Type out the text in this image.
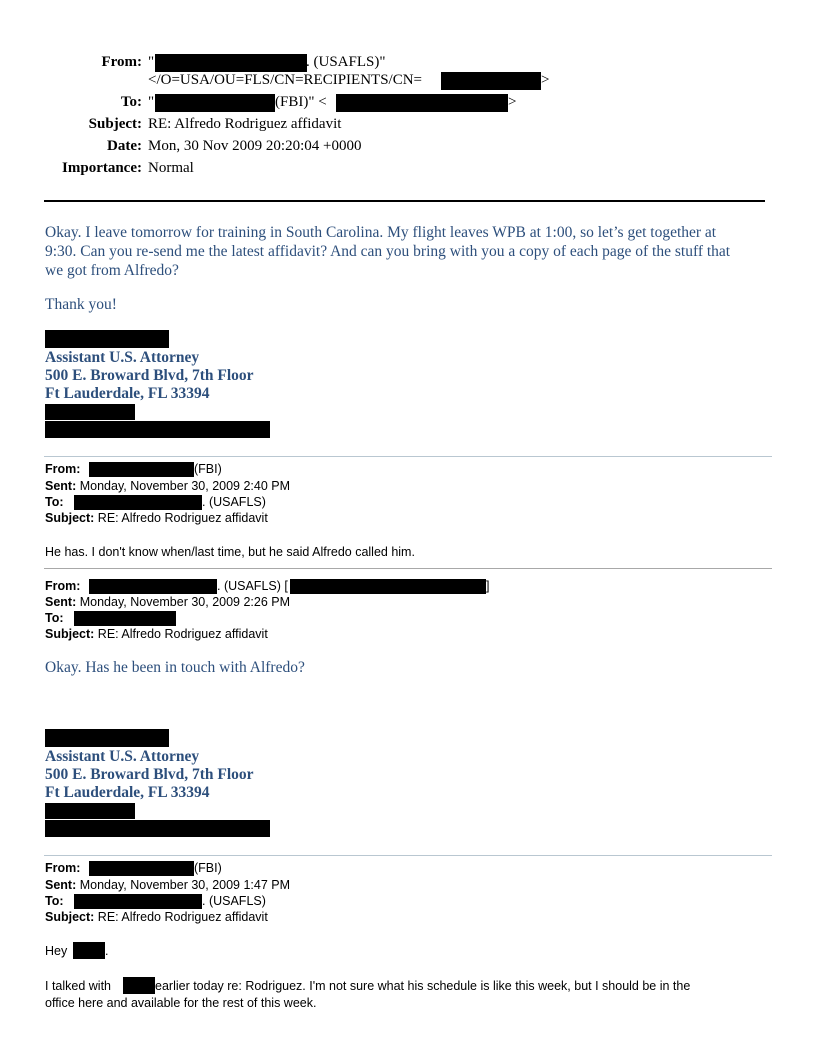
From: "	. (USAFLS)"
</O=USA/OU=FLS/CN=RECIPIENTS/CN=	>
To: "	(FBI)" <	>
Subject: RE: Alfredo Rodriguez affidavit
Date: Mon, 30 Nov 2009 20:20:04 +0000
Importance: Normal
Okay. I leave tomorrow for training in South Carolina. My flight leaves WPB at 1:00, so let’s get together at
9:30. Can you re-send me the latest affidavit? And can you bring with you a copy of each page of the stuff that
we got from Alfredo?
Thank you!
Assistant U.S. Attorney
500 E. Broward Blvd, 7th Floor
Ft Lauderdale, FL 33394
From:	(FBI)
Sent: Monday, November 30, 2009 2:40 PM
To:	. (USAFLS)
Subject: RE: Alfredo Rodriguez affidavit
He has. I don't know when/last time, but he said Alfredo called him.
From:	. (USAFLS) [	]
Sent: Monday, November 30, 2009 2:26 PM
To:
Subject: RE: Alfredo Rodriguez affidavit
Okay. Has he been in touch with Alfredo?
Assistant U.S. Attorney
500 E. Broward Blvd, 7th Floor
Ft Lauderdale, FL 33394
From:	(FBI)
Sent: Monday, November 30, 2009 1:47 PM
To:	. (USAFLS)
Subject: RE: Alfredo Rodriguez affidavit
Hey	.
I talked with	earlier today re: Rodriguez. I'm not sure what his schedule is like this week, but I should be in the
office here and available for the rest of this week.
